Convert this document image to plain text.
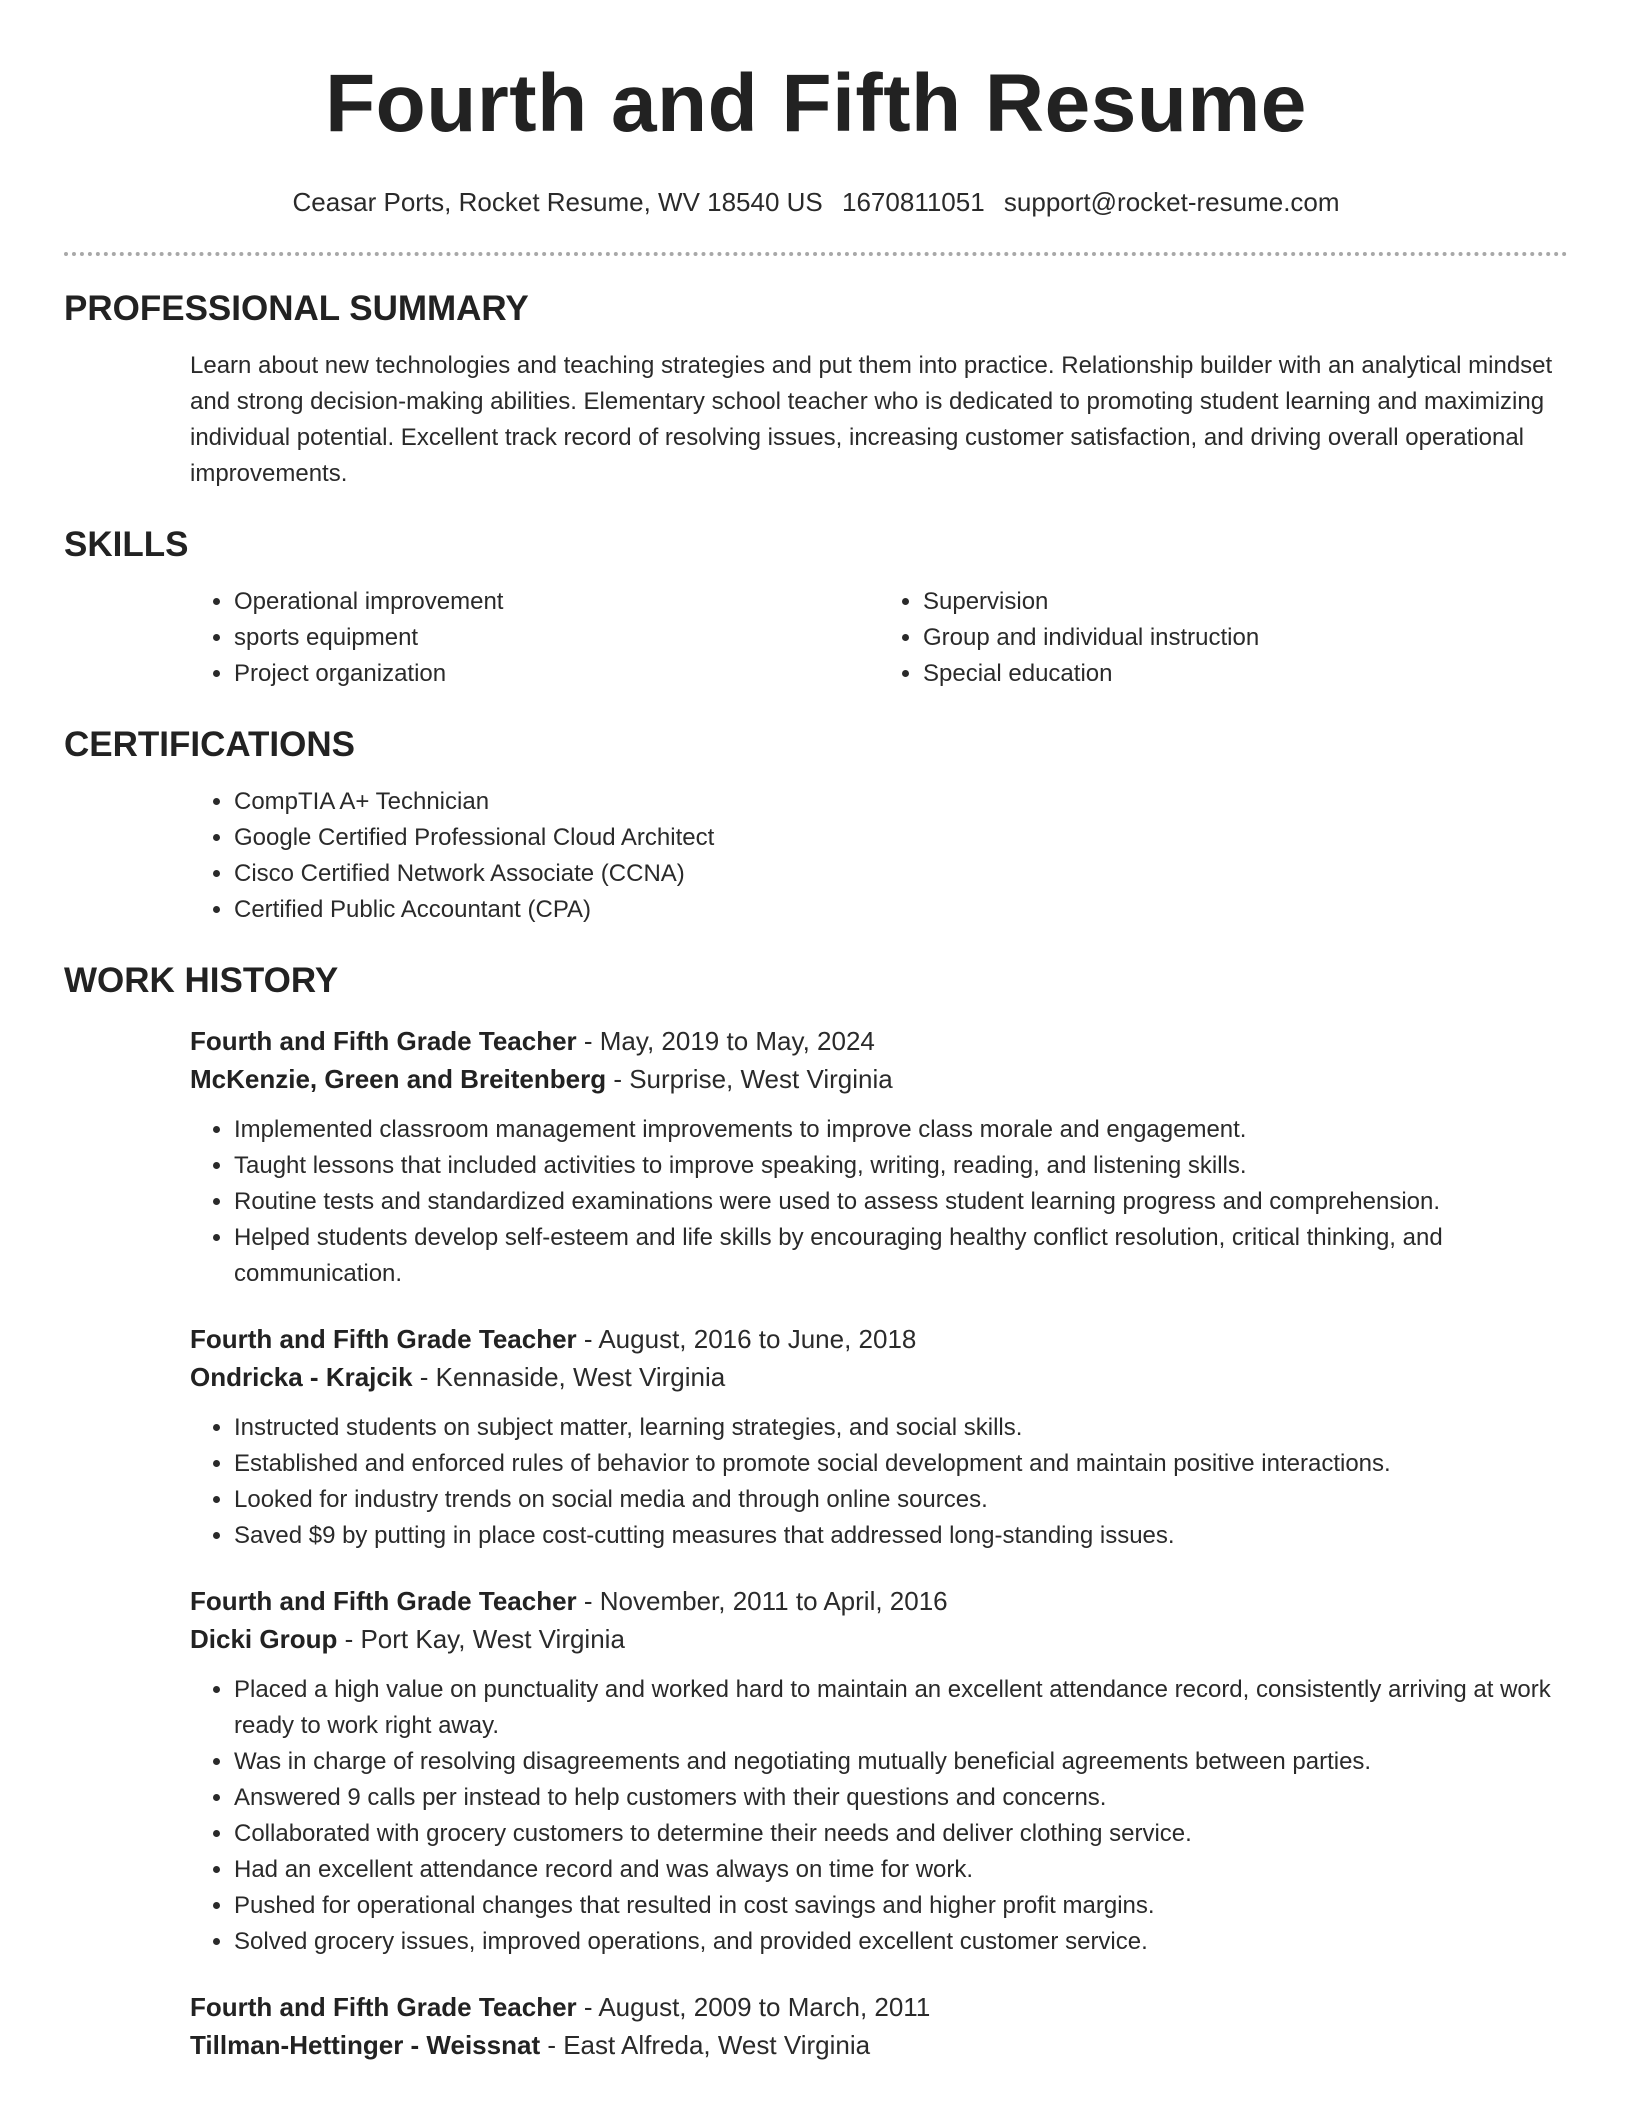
Fourth and Fifth Resume
Ceasar Ports, Rocket Resume, WV 18540 US 1670811051 support@rocket-resume.com
PROFESSIONAL SUMMARY

Learn about new technologies and teaching strategies and put them into practice. Relationship builder with an analytical mindset and strong decision-making abilities. Elementary school teacher who is dedicated to promoting student learning and maximizing individual potential. Excellent track record of resolving issues, increasing customer satisfaction, and driving overall operational improvements.

SKILLS
• Operational improvement
• sports equipment
• Project organization
• Supervision
• Group and individual instruction
• Special education
CERTIFICATIONS
• CompTIA A+ Technician
• Google Certified Professional Cloud Architect
• Cisco Certified Network Associate (CCNA)
• Certified Public Accountant (CPA)
WORK HISTORY
Fourth and Fifth Grade Teacher - May, 2019 to May, 2024
McKenzie, Green and Breitenberg - Surprise, West Virginia
• Implemented classroom management improvements to improve class morale and engagement.
• Taught lessons that included activities to improve speaking, writing, reading, and listening skills.
• Routine tests and standardized examinations were used to assess student learning progress and comprehension.
• Helped students develop self-esteem and life skills by encouraging healthy conflict resolution, critical thinking, and communication.
Fourth and Fifth Grade Teacher - August, 2016 to June, 2018
Ondricka - Krajcik - Kennaside, West Virginia
• Instructed students on subject matter, learning strategies, and social skills.
• Established and enforced rules of behavior to promote social development and maintain positive interactions.
• Looked for industry trends on social media and through online sources.
• Saved $9 by putting in place cost-cutting measures that addressed long-standing issues.
Fourth and Fifth Grade Teacher - November, 2011 to April, 2016
Dicki Group - Port Kay, West Virginia
• Placed a high value on punctuality and worked hard to maintain an excellent attendance record, consistently arriving at work ready to work right away.
• Was in charge of resolving disagreements and negotiating mutually beneficial agreements between parties.
• Answered 9 calls per instead to help customers with their questions and concerns.
• Collaborated with grocery customers to determine their needs and deliver clothing service.
• Had an excellent attendance record and was always on time for work.
• Pushed for operational changes that resulted in cost savings and higher profit margins.
• Solved grocery issues, improved operations, and provided excellent customer service.
Fourth and Fifth Grade Teacher - August, 2009 to March, 2011
Tillman-Hettinger - Weissnat - East Alfreda, West Virginia
